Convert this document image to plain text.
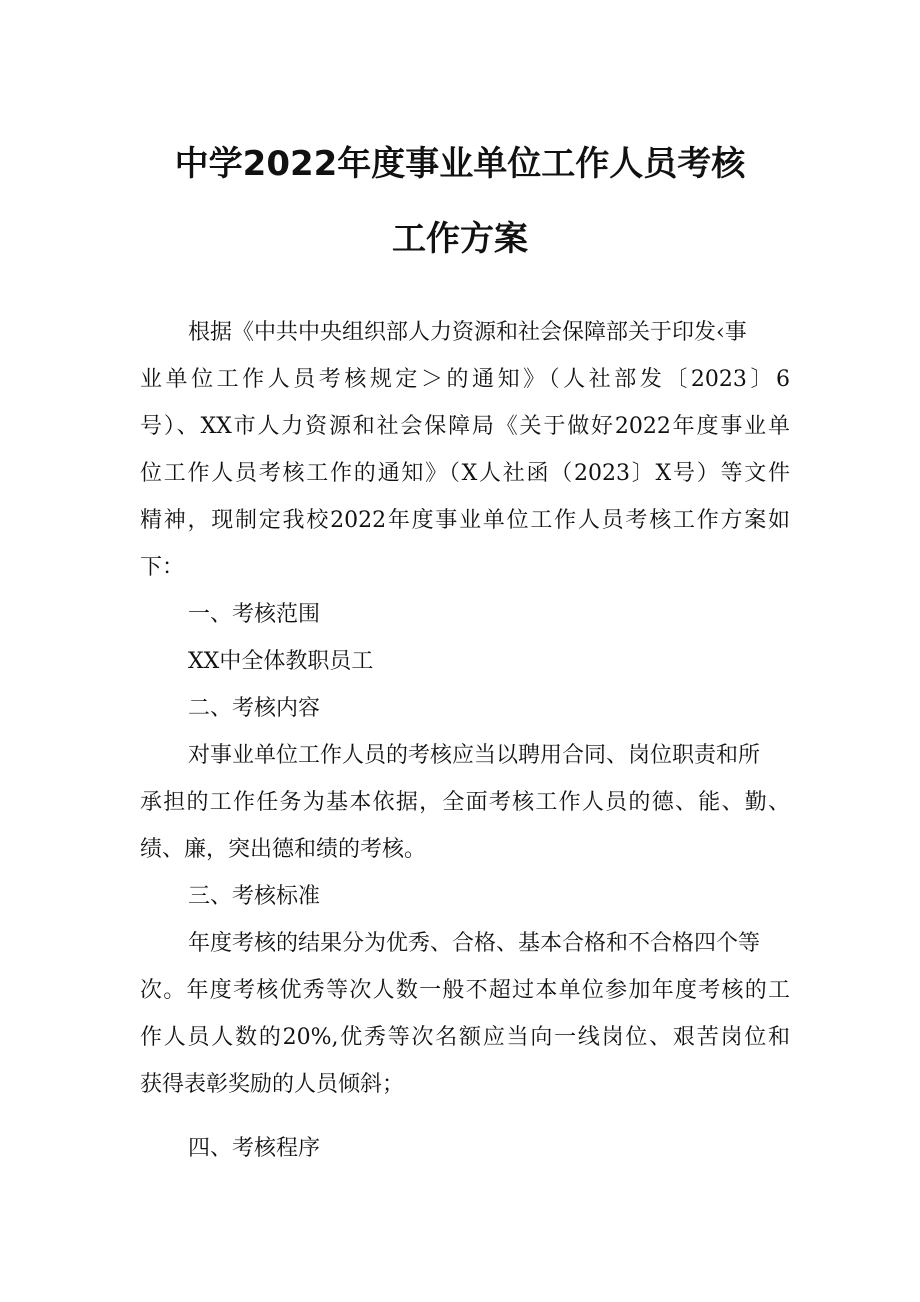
中学2022年度事业单位工作人员考核
工作方案
根据《中共中央组织部人力资源和社会保障部关于印发‹事
业单位工作人员考核规定＞的通知》（人社部发〔2023〕6
号）、XX市人力资源和社会保障局《关于做好2022年度事业单
位工作人员考核工作的通知》（X人社函（2023〕X号）等文件
精神，现制定我校2022年度事业单位工作人员考核工作方案如
下：
一、考核范围
XX中全体教职员工
二、考核内容
对事业单位工作人员的考核应当以聘用合同、岗位职责和所
承担的工作任务为基本依据，全面考核工作人员的德、能、勤、
绩、廉，突出德和绩的考核。
三、考核标准
年度考核的结果分为优秀、合格、基本合格和不合格四个等
次。年度考核优秀等次人数一般不超过本单位参加年度考核的工
作人员人数的20%,优秀等次名额应当向一线岗位、艰苦岗位和
获得表彰奖励的人员倾斜；
四、考核程序
